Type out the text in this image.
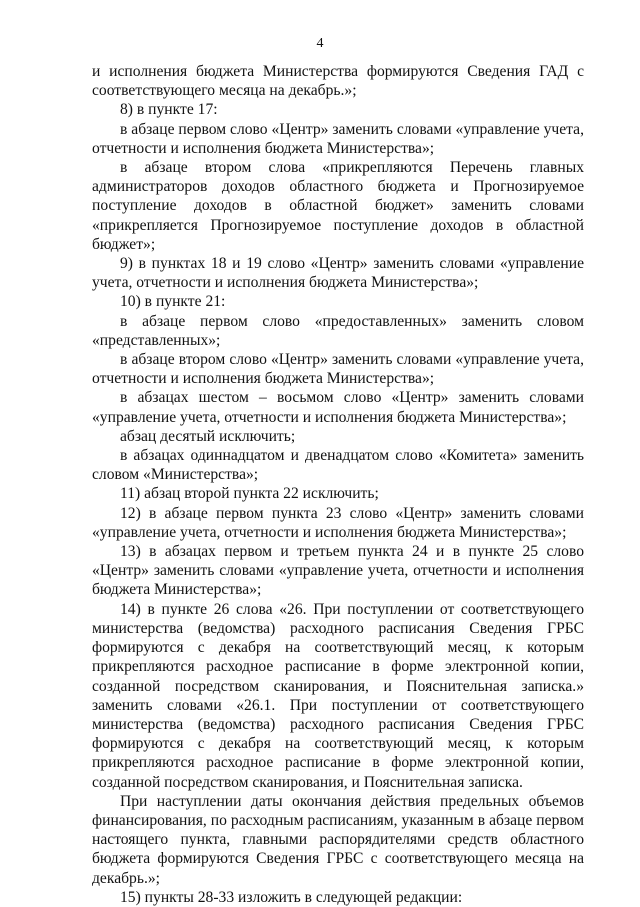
4

и исполнения бюджета Министерства формируются Сведения ГАД с соответствующего месяца на декабрь.»;

8) в пункте 17:

в абзаце первом слово «Центр» заменить словами «управление учета, отчетности и исполнения бюджета Министерства»;

в абзаце втором слова «прикрепляются Перечень главных администраторов доходов областного бюджета и Прогнозируемое поступление доходов в областной бюджет» заменить словами «прикрепляется Прогнозируемое поступление доходов в областной бюджет»;

9) в пунктах 18 и 19 слово «Центр» заменить словами «управление учета, отчетности и исполнения бюджета Министерства»;

10) в пункте 21:

в абзаце первом слово «предоставленных» заменить словом «представленных»;

в абзаце втором слово «Центр» заменить словами «управление учета, отчетности и исполнения бюджета Министерства»;

в абзацах шестом – восьмом слово «Центр» заменить словами «управление учета, отчетности и исполнения бюджета Министерства»;

абзац десятый исключить;

в абзацах одиннадцатом и двенадцатом слово «Комитета» заменить словом «Министерства»;

11) абзац второй пункта 22 исключить;

12) в абзаце первом пункта 23 слово «Центр» заменить словами «управление учета, отчетности и исполнения бюджета Министерства»;

13) в абзацах первом и третьем пункта 24 и в пункте 25 слово «Центр» заменить словами «управление учета, отчетности и исполнения бюджета Министерства»;

14) в пункте 26 слова «26. При поступлении от соответствующего министерства (ведомства) расходного расписания Сведения ГРБС формируются с декабря на соответствующий месяц, к которым прикрепляются расходное расписание в форме электронной копии, созданной посредством сканирования, и Пояснительная записка.» заменить словами «26.1. При поступлении от соответствующего министерства (ведомства) расходного расписания Сведения ГРБС формируются с декабря на соответствующий месяц, к которым прикрепляются расходное расписание в форме электронной копии, созданной посредством сканирования, и Пояснительная записка.

При наступлении даты окончания действия предельных объемов финансирования, по расходным расписаниям, указанным в абзаце первом настоящего пункта, главными распорядителями средств областного бюджета формируются Сведения ГРБС с соответствующего месяца на декабрь.»;

15) пункты 28-33 изложить в следующей редакции:
